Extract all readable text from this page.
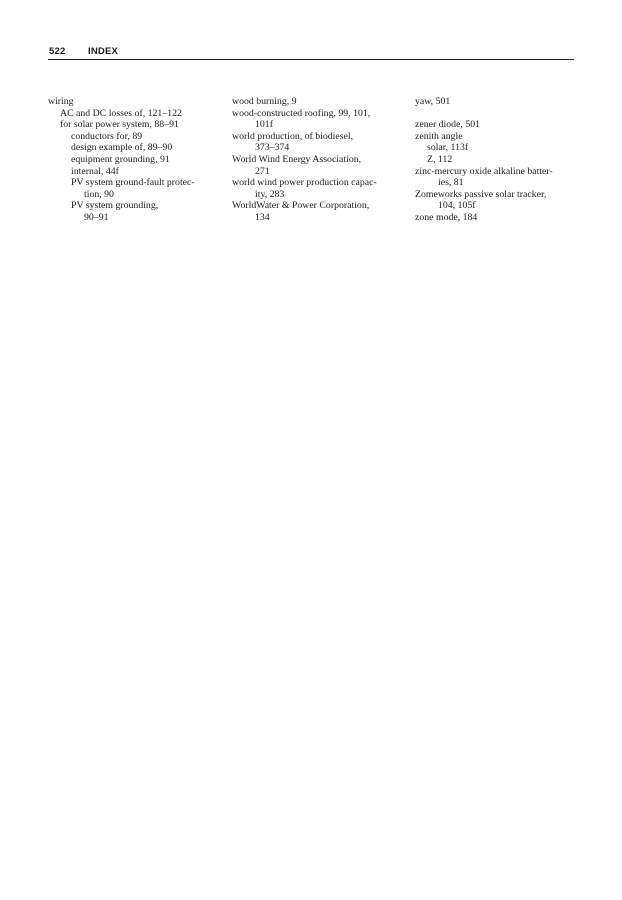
522 INDEX
wiring
AC and DC losses of, 121–122
for solar power system, 88–91
conductors for, 89
design example of, 89–90
equipment grounding, 91
internal, 44f
PV system ground-fault protec-
tion, 90
PV system grounding,
90–91
wood burning, 9
wood-constructed roofing, 99, 101,
101f
world production, of biodiesel,
373–374
World Wind Energy Association,
271
world wind power production capac-
ity, 283
WorldWater & Power Corporation,
134
yaw, 501
zener diode, 501
zenith angle
solar, 113f
Z, 112
zinc-mercury oxide alkaline batter-
ies, 81
Zomeworks passive solar tracker,
104, 105f
zone mode, 184
